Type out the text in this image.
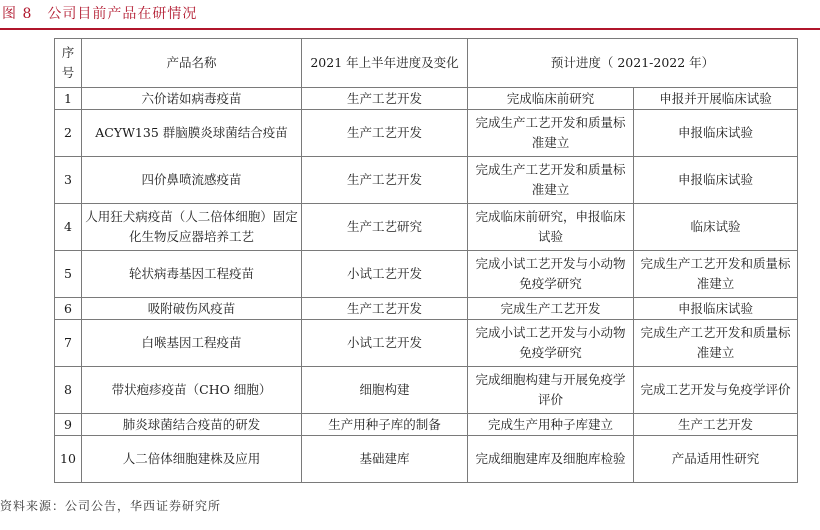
图 8　公司目前产品在研情况
序
号	产品名称	2021 年上半年进度及变化	预计进度（ 2021-2022 年）	
1	六价诺如病毒疫苗	生产工艺开发	完成临床前研究	申报并开展临床试验
2	ACYW135 群脑膜炎球菌结合疫苗	生产工艺开发	完成生产工艺开发和质量标准建立	申报临床试验
3	四价鼻喷流感疫苗	生产工艺开发	完成生产工艺开发和质量标准建立	申报临床试验
4	人用狂犬病疫苗（人二倍体细胞）固定化生物反应器培养工艺	生产工艺研究	完成临床前研究，申报临床试验	临床试验
5	轮状病毒基因工程疫苗	小试工艺开发	完成小试工艺开发与小动物免疫学研究	完成生产工艺开发和质量标准建立
6	吸附破伤风疫苗	生产工艺开发	完成生产工艺开发	申报临床试验
7	白喉基因工程疫苗	小试工艺开发	完成小试工艺开发与小动物免疫学研究	完成生产工艺开发和质量标准建立
8	带状疱疹疫苗（CHO 细胞）	细胞构建	完成细胞构建与开展免疫学评价	完成工艺开发与免疫学评价
9	肺炎球菌结合疫苗的研发	生产用种子库的制备	完成生产用种子库建立	生产工艺开发
10	人二倍体细胞建株及应用	基础建库	完成细胞建库及细胞库检验	产品适用性研究
资料来源：公司公告，华西证券研究所
